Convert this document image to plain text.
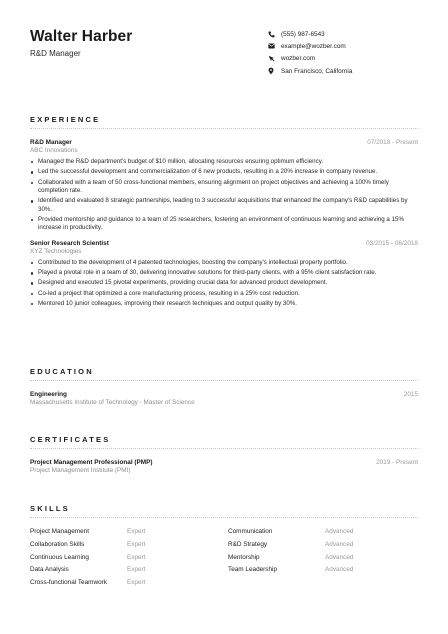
Walter Harber
R&D Manager
(555) 987-6543
example@wozber.com
wozber.com
San Francisco, California
EXPERIENCE
R&D Manager	07/2018 - Present
ABC Innovations
Managed the R&D department's budget of $10 million, allocating resources ensuring optimum efficiency.
Led the successful development and commercialization of 6 new products, resulting in a 20% increase in company revenue.
Collaborated with a team of 50 cross-functional members, ensuring alignment on project objectives and achieving a 100% timely completion rate.
Identified and evaluated 8 strategic partnerships, leading to 3 successful acquisitions that enhanced the company's R&D capabilities by 30%.
Provided mentorship and guidance to a team of 25 researchers, fostering an environment of continuous learning and achieving a 15% increase in productivity.
Senior Research Scientist	03/2015 - 06/2018
XYZ Technologies
Contributed to the development of 4 patented technologies, boosting the company's intellectual property portfolio.
Played a pivotal role in a team of 30, delivering innovative solutions for third-party clients, with a 95% client satisfaction rate.
Designed and executed 15 pivotal experiments, providing crucial data for advanced product development.
Co-led a project that optimized a core manufacturing process, resulting in a 25% cost reduction.
Mentored 10 junior colleagues, improving their research techniques and output quality by 30%.
EDUCATION
Engineering	2015
Massachusetts Institute of Technology - Master of Science
CERTIFICATES
Project Management Professional (PMP)	2019 - Present
Project Management Institute (PMI)
SKILLS
Project Management	Expert	Communication	Advanced
Collaboration Skills	Expert	R&D Strategy	Advanced
Continuous Learning	Expert	Mentorship	Advanced
Data Analysis	Expert	Team Leadership	Advanced
Cross-functional Teamwork	Expert
